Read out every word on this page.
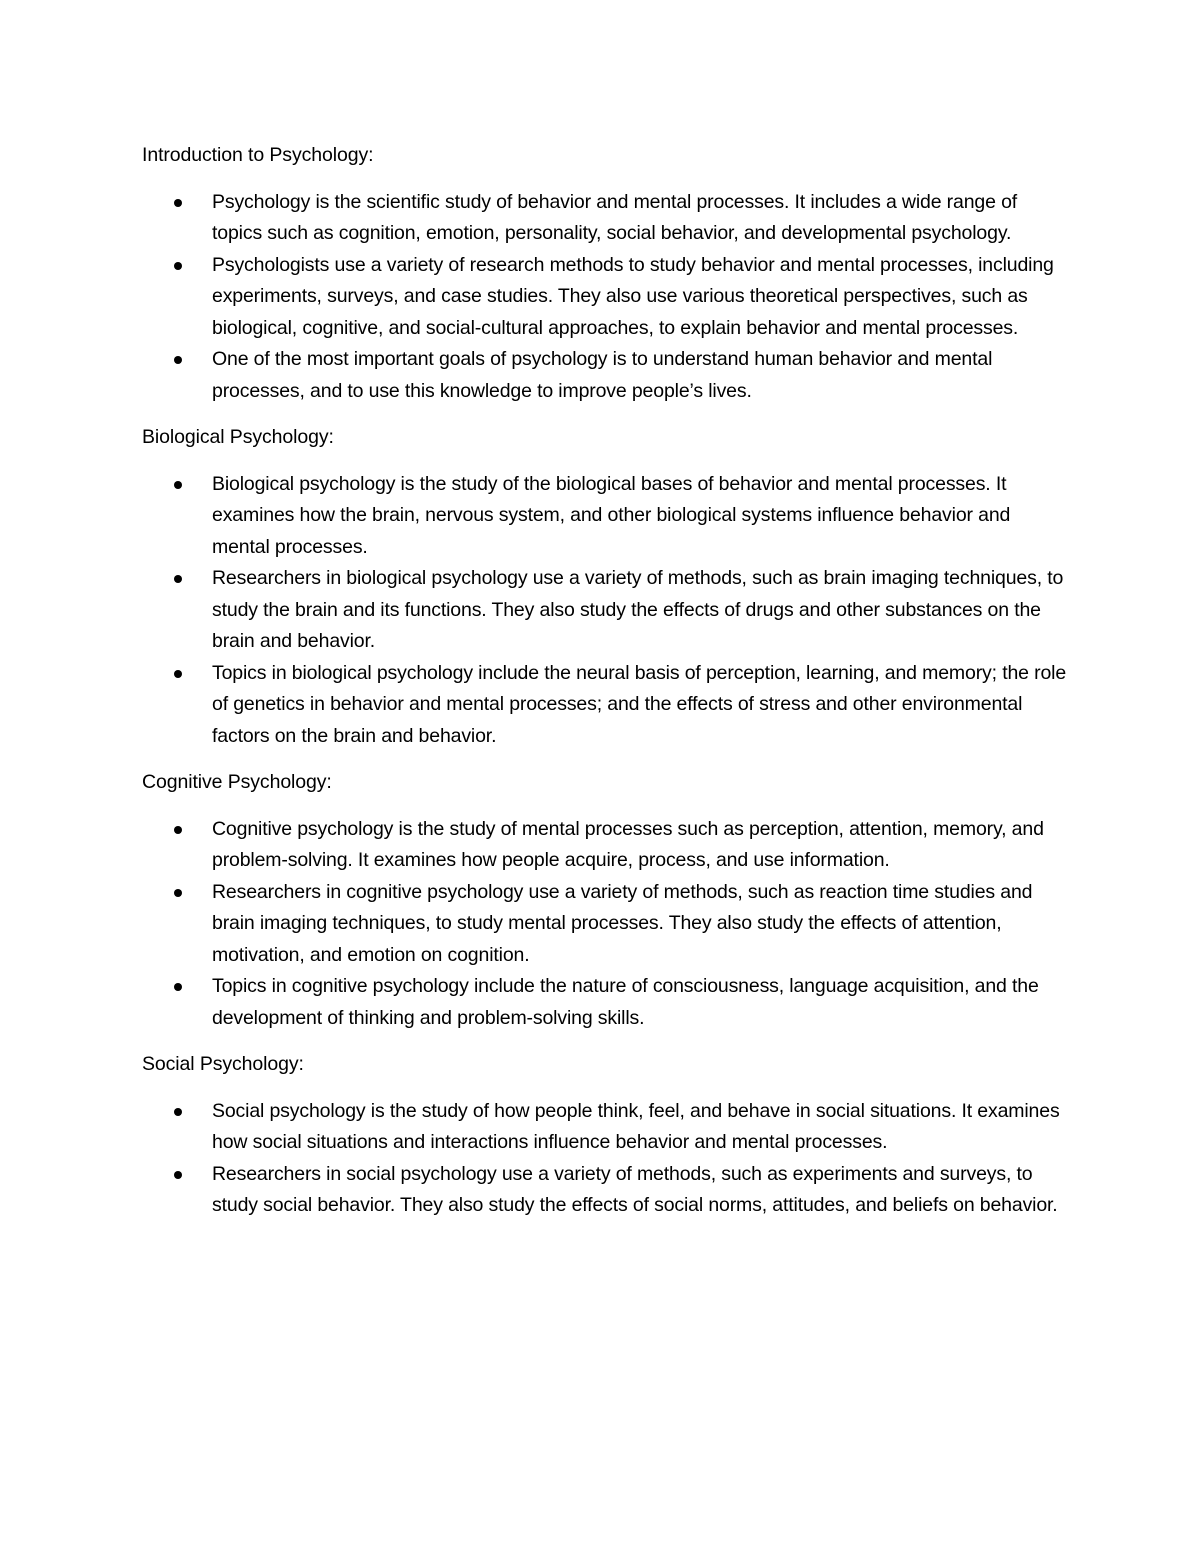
Introduction to Psychology:
Psychology is the scientific study of behavior and mental processes. It includes a wide range of topics such as cognition, emotion, personality, social behavior, and developmental psychology.
Psychologists use a variety of research methods to study behavior and mental processes, including experiments, surveys, and case studies. They also use various theoretical perspectives, such as biological, cognitive, and social-cultural approaches, to explain behavior and mental processes.
One of the most important goals of psychology is to understand human behavior and mental processes, and to use this knowledge to improve people’s lives.
Biological Psychology:
Biological psychology is the study of the biological bases of behavior and mental processes. It examines how the brain, nervous system, and other biological systems influence behavior and mental processes.
Researchers in biological psychology use a variety of methods, such as brain imaging techniques, to study the brain and its functions. They also study the effects of drugs and other substances on the brain and behavior.
Topics in biological psychology include the neural basis of perception, learning, and memory; the role of genetics in behavior and mental processes; and the effects of stress and other environmental factors on the brain and behavior.
Cognitive Psychology:
Cognitive psychology is the study of mental processes such as perception, attention, memory, and problem-solving. It examines how people acquire, process, and use information.
Researchers in cognitive psychology use a variety of methods, such as reaction time studies and brain imaging techniques, to study mental processes. They also study the effects of attention, motivation, and emotion on cognition.
Topics in cognitive psychology include the nature of consciousness, language acquisition, and the development of thinking and problem-solving skills.
Social Psychology:
Social psychology is the study of how people think, feel, and behave in social situations. It examines how social situations and interactions influence behavior and mental processes.
Researchers in social psychology use a variety of methods, such as experiments and surveys, to study social behavior. They also study the effects of social norms, attitudes, and beliefs on behavior.
